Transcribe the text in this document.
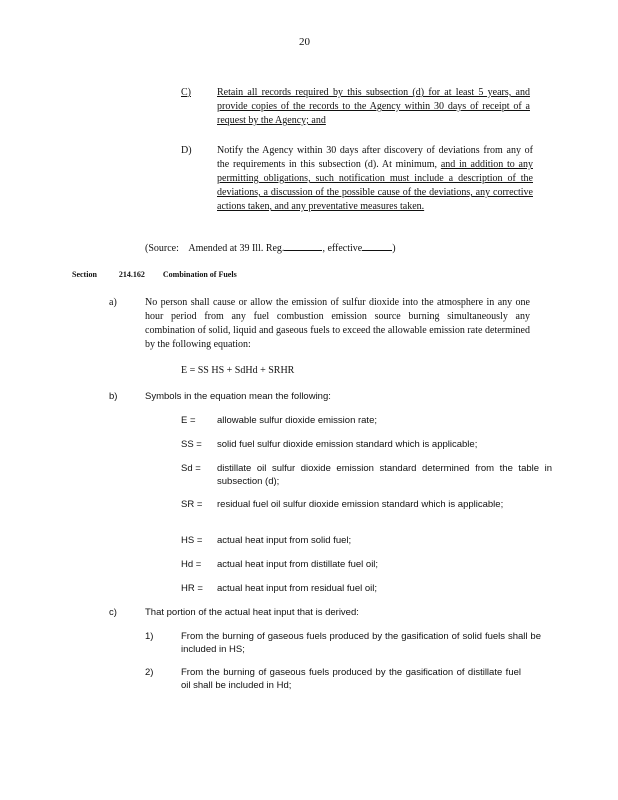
20
C)	Retain all records required by this subsection (d) for at least 5 years, and provide copies of the records to the Agency within 30 days of receipt of a request by the Agency; and
D)	Notify the Agency within 30 days after discovery of deviations from any of the requirements in this subsection (d). At minimum, and in addition to any permitting obligations, such notification must include a description of the deviations, a discussion of the possible cause of the deviations, any corrective actions taken, and any preventative measures taken.
(Source: Amended at 39 Ill. Reg.	, effective	)
Section	214.162 Combination of Fuels
a)	No person shall cause or allow the emission of sulfur dioxide into the atmosphere in any one hour period from any fuel combustion emission source burning simultaneously any combination of solid, liquid and gaseous fuels to exceed the allowable emission rate determined by the following equation:
E = SS HS + SdHd + SRHR
b)	Symbols in the equation mean the following:
E = allowable sulfur dioxide emission rate;
SS = solid fuel sulfur dioxide emission standard which is applicable;
Sd = distillate oil sulfur dioxide emission standard determined from the table in subsection (d);
SR = residual fuel oil sulfur dioxide emission standard which is applicable;
HS = actual heat input from solid fuel;
Hd = actual heat input from distillate fuel oil;
HR = actual heat input from residual fuel oil;
c)	That portion of the actual heat input that is derived:
1)	From the burning of gaseous fuels produced by the gasification of solid fuels shall be included in HS;
2)	From the burning of gaseous fuels produced by the gasification of distillate fuel oil shall be included in Hd;
